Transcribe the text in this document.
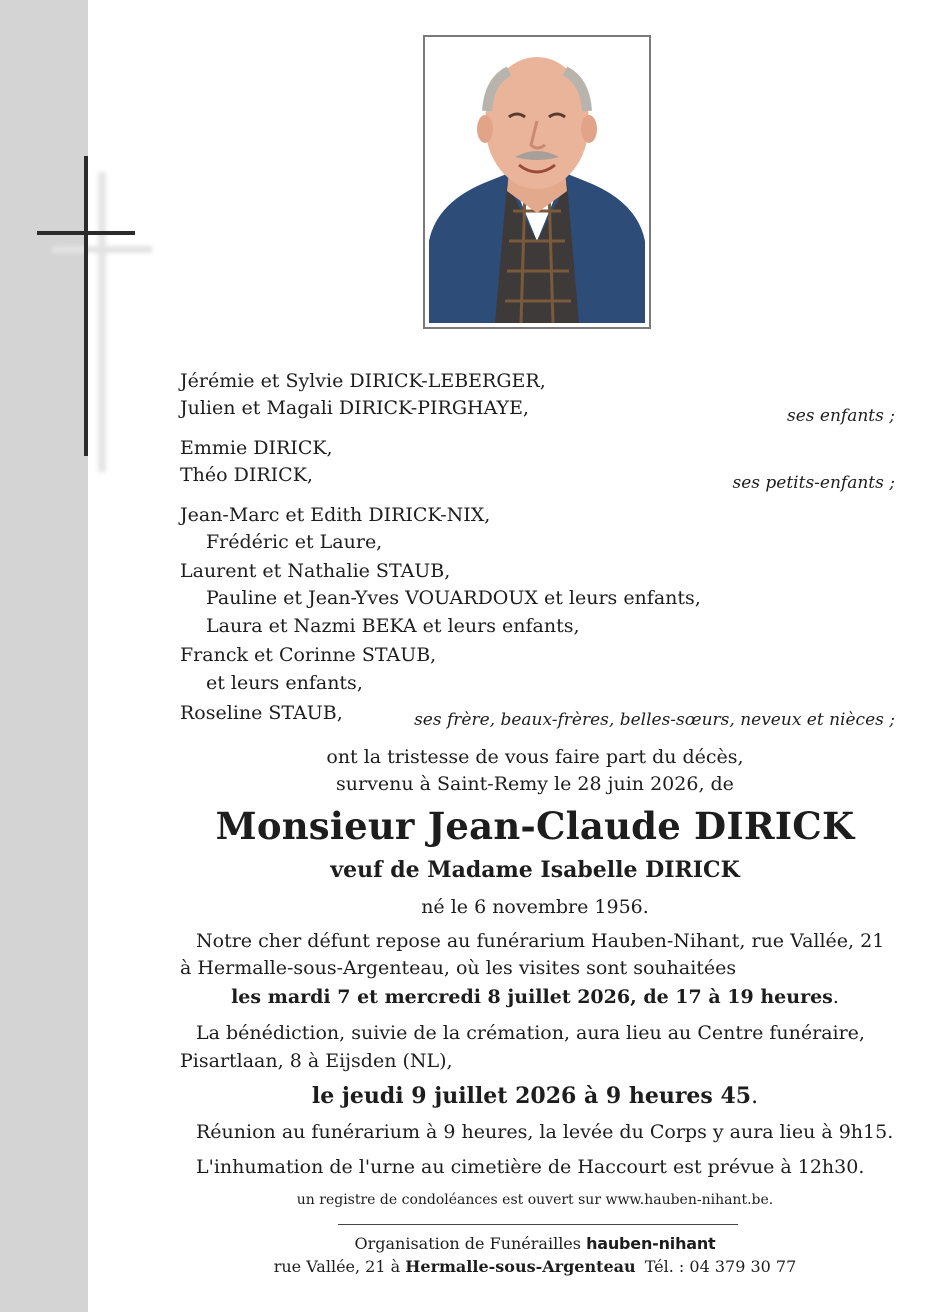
Jérémie et Sylvie DIRICK-LEBERGER,
Julien et Magali DIRICK-PIRGHAYE,	ses enfants ;
Emmie DIRICK,
Théo DIRICK,	ses petits-enfants ;
Jean-Marc et Edith DIRICK-NIX,
Frédéric et Laure,
Laurent et Nathalie STAUB,
Pauline et Jean-Yves VOUARDOUX et leurs enfants,
Laura et Nazmi BEKA et leurs enfants,
Franck et Corinne STAUB,
et leurs enfants,
Roseline STAUB,	ses frère, beaux-frères, belles-sœurs, neveux et nièces ;
ont la tristesse de vous faire part du décès,
survenu à Saint-Remy le 28 juin 2026, de
Monsieur Jean-Claude DIRICK
veuf de Madame Isabelle DIRICK
né le 6 novembre 1956.
Notre cher défunt repose au funérarium Hauben-Nihant, rue Vallée, 21
à Hermalle-sous-Argenteau, où les visites sont souhaitées
les mardi 7 et mercredi 8 juillet 2026, de 17 à 19 heures.
La bénédiction, suivie de la crémation, aura lieu au Centre funéraire,
Pisartlaan, 8 à Eijsden (NL),
le jeudi 9 juillet 2026 à 9 heures 45.
Réunion au funérarium à 9 heures, la levée du Corps y aura lieu à 9h15.
L'inhumation de l'urne au cimetière de Haccourt est prévue à 12h30.
un registre de condoléances est ouvert sur www.hauben-nihant.be.
Organisation de Funérailles hauben-nihant
rue Vallée, 21 à Hermalle-sous-Argenteau Tél. : 04 379 30 77
